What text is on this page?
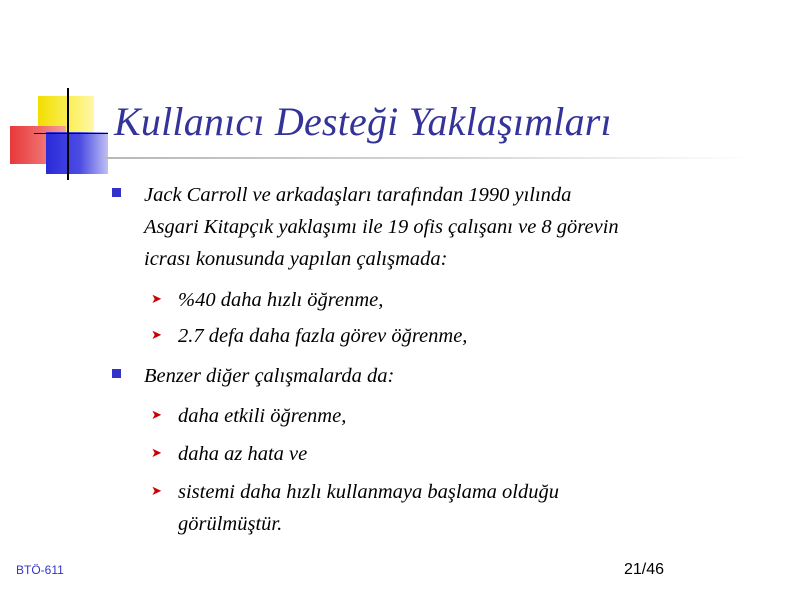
Kullanıcı Desteği Yaklaşımları
Jack Carroll ve arkadaşları tarafından 1990 yılında
Asgari Kitapçık yaklaşımı ile 19 ofis çalışanı ve 8 görevin
icrası konusunda yapılan çalışmada:
➤ %40 daha hızlı öğrenme,
➤ 2.7 defa daha fazla görev öğrenme,
Benzer diğer çalışmalarda da:
➤ daha etkili öğrenme,
➤ daha az hata ve
➤ sistemi daha hızlı kullanmaya başlama olduğu
görülmüştür.
BTÖ-611	21/46
